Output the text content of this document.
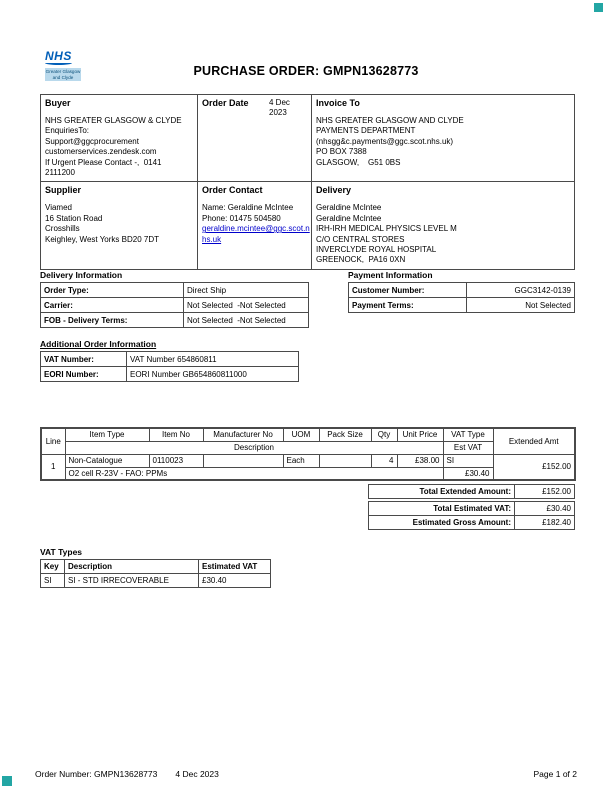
NHS
Greater Glasgow and Clyde	PURCHASE ORDER: GMPN13628773
Buyer
NHS GREATER GLASGOW & CLYDE
EnquiriesTo:
Support@ggcprocurement
customerservices.zendesk.com
If Urgent Please Contact -,  0141 2111200

Order Date	4 Dec 2023

Invoice To
NHS GREATER GLASGOW AND CLYDE
PAYMENTS DEPARTMENT
(nhsgg&c.payments@ggc.scot.nhs.uk)
PO BOX 7388
GLASGOW,    G51 0BS

Supplier
Viamed
16 Station Road
Crosshills
Keighley, West Yorks BD20 7DT

Order Contact
Name: Geraldine McIntee
Phone: 01475 504580
geraldine.mcintee@ggc.scot.nhs.uk	
Delivery
Geraldine McIntee
Geraldine McIntee
IRH-IRH MEDICAL PHYSICS LEVEL M
C/O CENTRAL STORES
INVERCLYDE ROYAL HOSPITAL
GREENOCK,  PA16 0XN
Delivery Information
Order Type:	Direct Ship
Carrier:	Not Selected  -Not Selected
FOB - Delivery Terms:	Not Selected  -Not Selected
Payment Information
Customer Number:	GGC3142-0139
Payment Terms:	Not Selected
Additional Order Information
VAT Number:	VAT Number 654860811
EORI Number:	EORI Number GB654860811000
Line	Item Type	Item No	Manufacturer No	UOM	Pack Size	Qty	Unit Price	VAT Type	Extended Amt
	Description							Est VAT	
1	Non-Catalogue	0110023		Each		4	£38.00	SI	£152.00
	O2 cell R-23V - FAO: PPMs							£30.40	
Total Extended Amount:	£152.00
Total Estimated VAT:	£30.40
Estimated Gross Amount:	£182.40
VAT Types
Key	Description	Estimated VAT
SI	SI - STD IRRECOVERABLE	£30.40
Order Number: GMPN13628773 4 Dec 2023	Page 1 of 2
